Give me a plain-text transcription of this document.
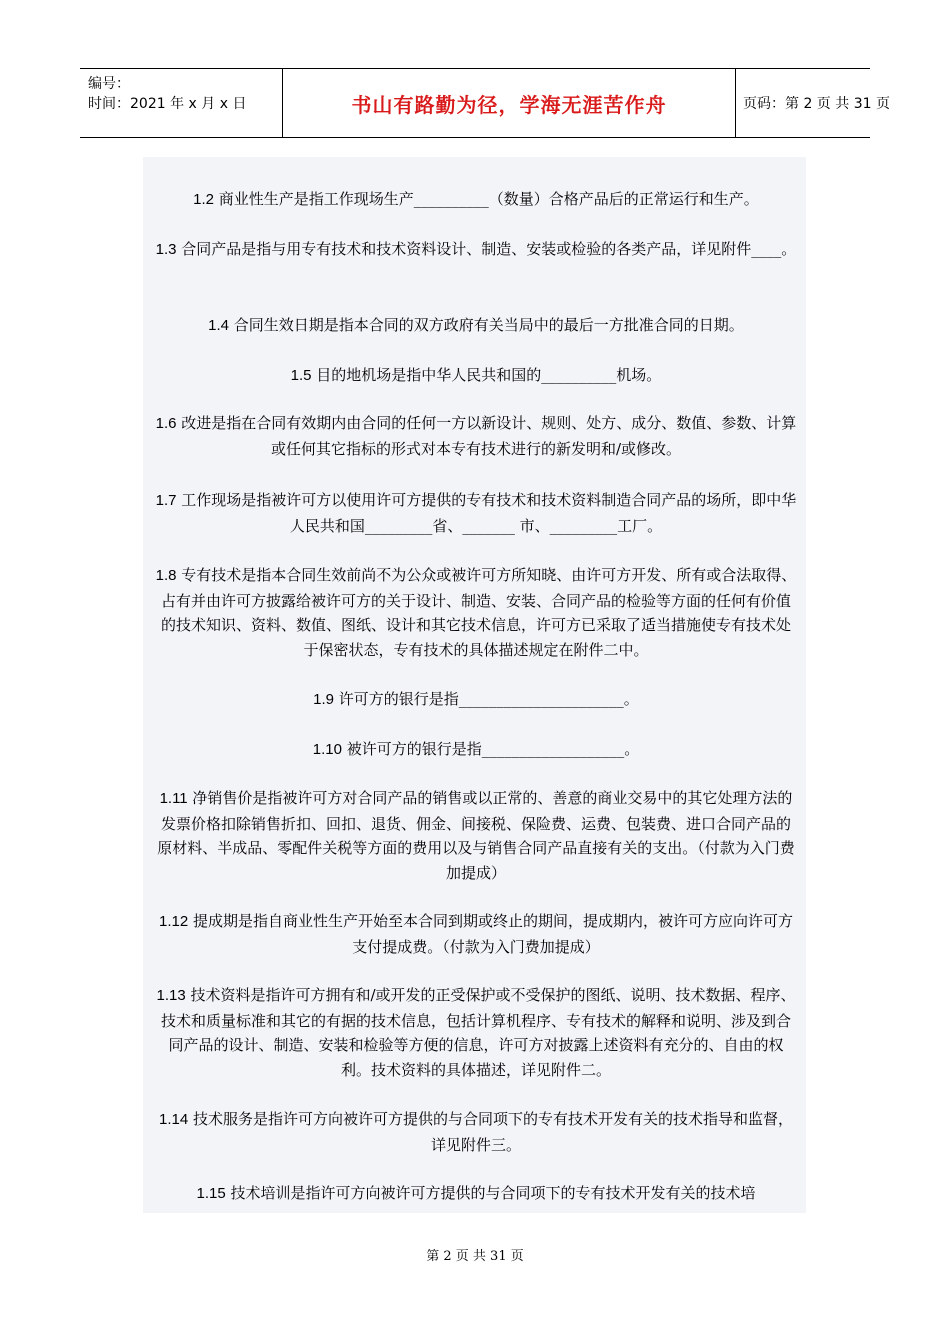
编号：
时间：2021 年 x 月 x 日	书山有路勤为径，学海无涯苦作舟	页码：第 2 页 共 31 页
1.2 商业性生产是指工作现场生产__________（数量）合格产品后的正常运行和生产。
1.3 合同产品是指与用专有技术和技术资料设计、制造、安装或检验的各类产品，详见附件____。
1.4 合同生效日期是指本合同的双方政府有关当局中的最后一方批准合同的日期。
1.5 目的地机场是指中华人民共和国的__________机场。
1.6 改进是指在合同有效期内由合同的任何一方以新设计、规则、处方、成分、数值、参数、计算或任何其它指标的形式对本专有技术进行的新发明和/或修改。
1.7 工作现场是指被许可方以使用许可方提供的专有技术和技术资料制造合同产品的场所，即中华人民共和国_________省、_______ 市、_________工厂。
1.8 专有技术是指本合同生效前尚不为公众或被许可方所知晓、由许可方开发、所有或合法取得、占有并由许可方披露给被许可方的关于设计、制造、安装、合同产品的检验等方面的任何有价值的技术知识、资料、数值、图纸、设计和其它技术信息，许可方已采取了适当措施使专有技术处于保密状态，专有技术的具体描述规定在附件二中。
1.9 许可方的银行是指______________________。
1.10 被许可方的银行是指___________________。
1.11 净销售价是指被许可方对合同产品的销售或以正常的、善意的商业交易中的其它处理方法的发票价格扣除销售折扣、回扣、退货、佣金、间接税、保险费、运费、包装费、进口合同产品的原材料、半成品、零配件关税等方面的费用以及与销售合同产品直接有关的支出。（付款为入门费加提成）
1.12 提成期是指自商业性生产开始至本合同到期或终止的期间，提成期内，被许可方应向许可方支付提成费。（付款为入门费加提成）
1.13 技术资料是指许可方拥有和/或开发的正受保护或不受保护的图纸、说明、技术数据、程序、技术和质量标准和其它的有据的技术信息，包括计算机程序、专有技术的解释和说明、涉及到合同产品的设计、制造、安装和检验等方便的信息，许可方对披露上述资料有充分的、自由的权利。技术资料的具体描述，详见附件二。
1.14 技术服务是指许可方向被许可方提供的与合同项下的专有技术开发有关的技术指导和监督，详见附件三。
1.15 技术培训是指许可方向被许可方提供的与合同项下的专有技术开发有关的技术培
第 2 页 共 31 页
